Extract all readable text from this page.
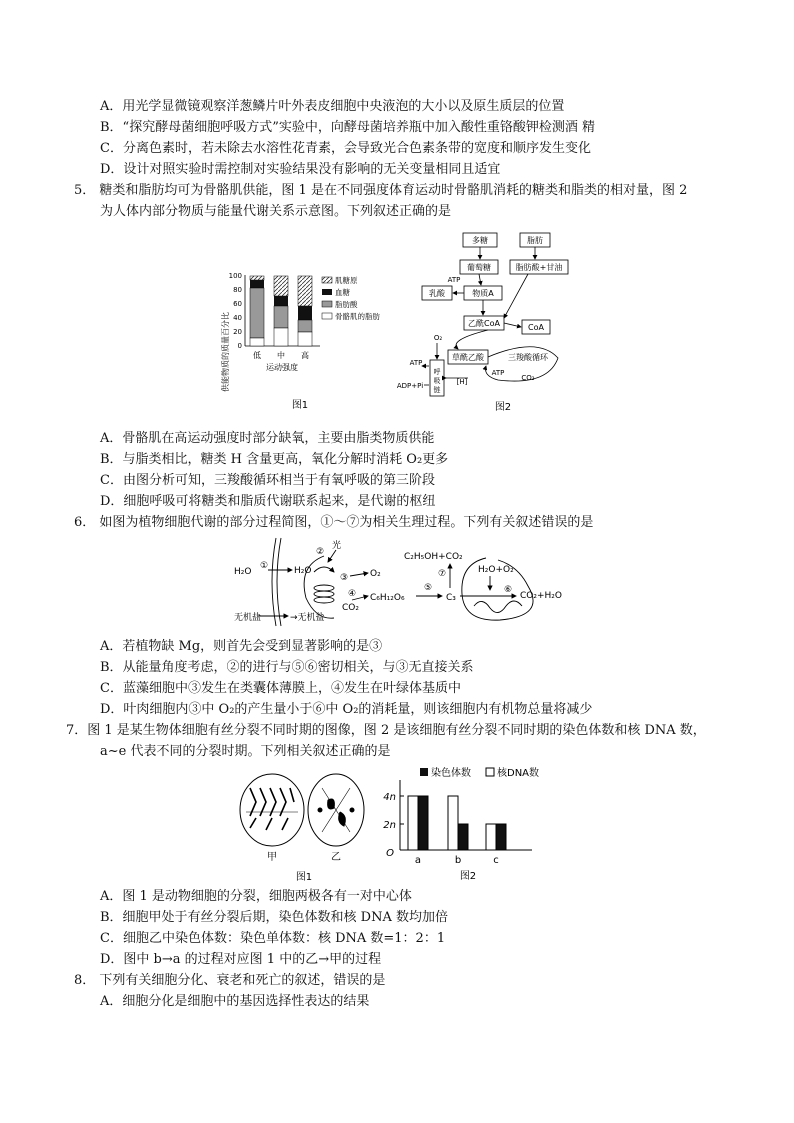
A．用光学显微镜观察洋葱鳞片叶外表皮细胞中央液泡的大小以及原生质层的位置
B．“探究酵母菌细胞呼吸方式”实验中，向酵母菌培养瓶中加入酸性重铬酸钾检测酒 精
C．分离色素时，若未除去水溶性花青素，会导致光合色素条带的宽度和顺序发生变化
D．设计对照实验时需控制对实验结果没有影响的无关变量相同且适宜
5． 糖类和脂肪均可为骨骼肌供能，图 1 是在不同强度体育运动时骨骼肌消耗的糖类和脂类的相对量，图 2
为人体内部分物质与能量代谢关系示意图。下列叙述正确的是
供能物质的质量百分比
100
80
60
40
20
0
低 中 高
运动强度
肌糖原
血糖
脂肪酸
骨骼肌的脂肪
图1
多糖	脂肪
葡萄糖	脂肪酸+甘油
乳酸	物质A
乙酰CoA	CoA
草酰乙酸	三羧酸循环
呼
吸
链
ATP
O₂
ATP
ADP+Pi	[H]
ATP
CO₂
图2
A．骨骼肌在高运动强度时部分缺氧，主要由脂类物质供能
B．与脂类相比，糖类 H 含量更高，氧化分解时消耗 O₂更多
C．由图分析可知，三羧酸循环相当于有氧呼吸的第三阶段
D．细胞呼吸可将糖类和脂质代谢联系起来，是代谢的枢纽
6． 如图为植物细胞代谢的部分过程简图，①～⑦为相关生理过程。下列有关叙述错误的是
H₂O
①	H₂O
②
光
③ O₂
④
CO₂
C₆H₁₂O₆
⑤
C₃
⑦
C₂H₅OH+CO₂
H₂O+O₂
⑥
CO₂+H₂O
无机盐	→无机盐
A．若植物缺 Mg，则首先会受到显著影响的是③
B．从能量角度考虑，②的进行与⑤⑥密切相关，与③无直接关系
C．蓝藻细胞中③发生在类囊体薄膜上，④发生在叶绿体基质中
D．叶肉细胞内③中 O₂的产生量小于⑥中 O₂的消耗量，则该细胞内有机物总量将减少
7．图 1 是某生物体细胞有丝分裂不同时期的图像，图 2 是该细胞有丝分裂不同时期的染色体数和核 DNA 数，
a~e 代表不同的分裂时期。下列相关叙述正确的是
甲	乙
图1
染色体数	核DNA数
4n
2n
O
a	b	c
图2
A．图 1 是动物细胞的分裂，细胞两极各有一对中心体
B．细胞甲处于有丝分裂后期，染色体数和核 DNA 数均加倍
C．细胞乙中染色体数：染色单体数：核 DNA 数=1：2：1
D．图中 b→a 的过程对应图 1 中的乙→甲的过程
8． 下列有关细胞分化、衰老和死亡的叙述，错误的是
A．细胞分化是细胞中的基因选择性表达的结果
